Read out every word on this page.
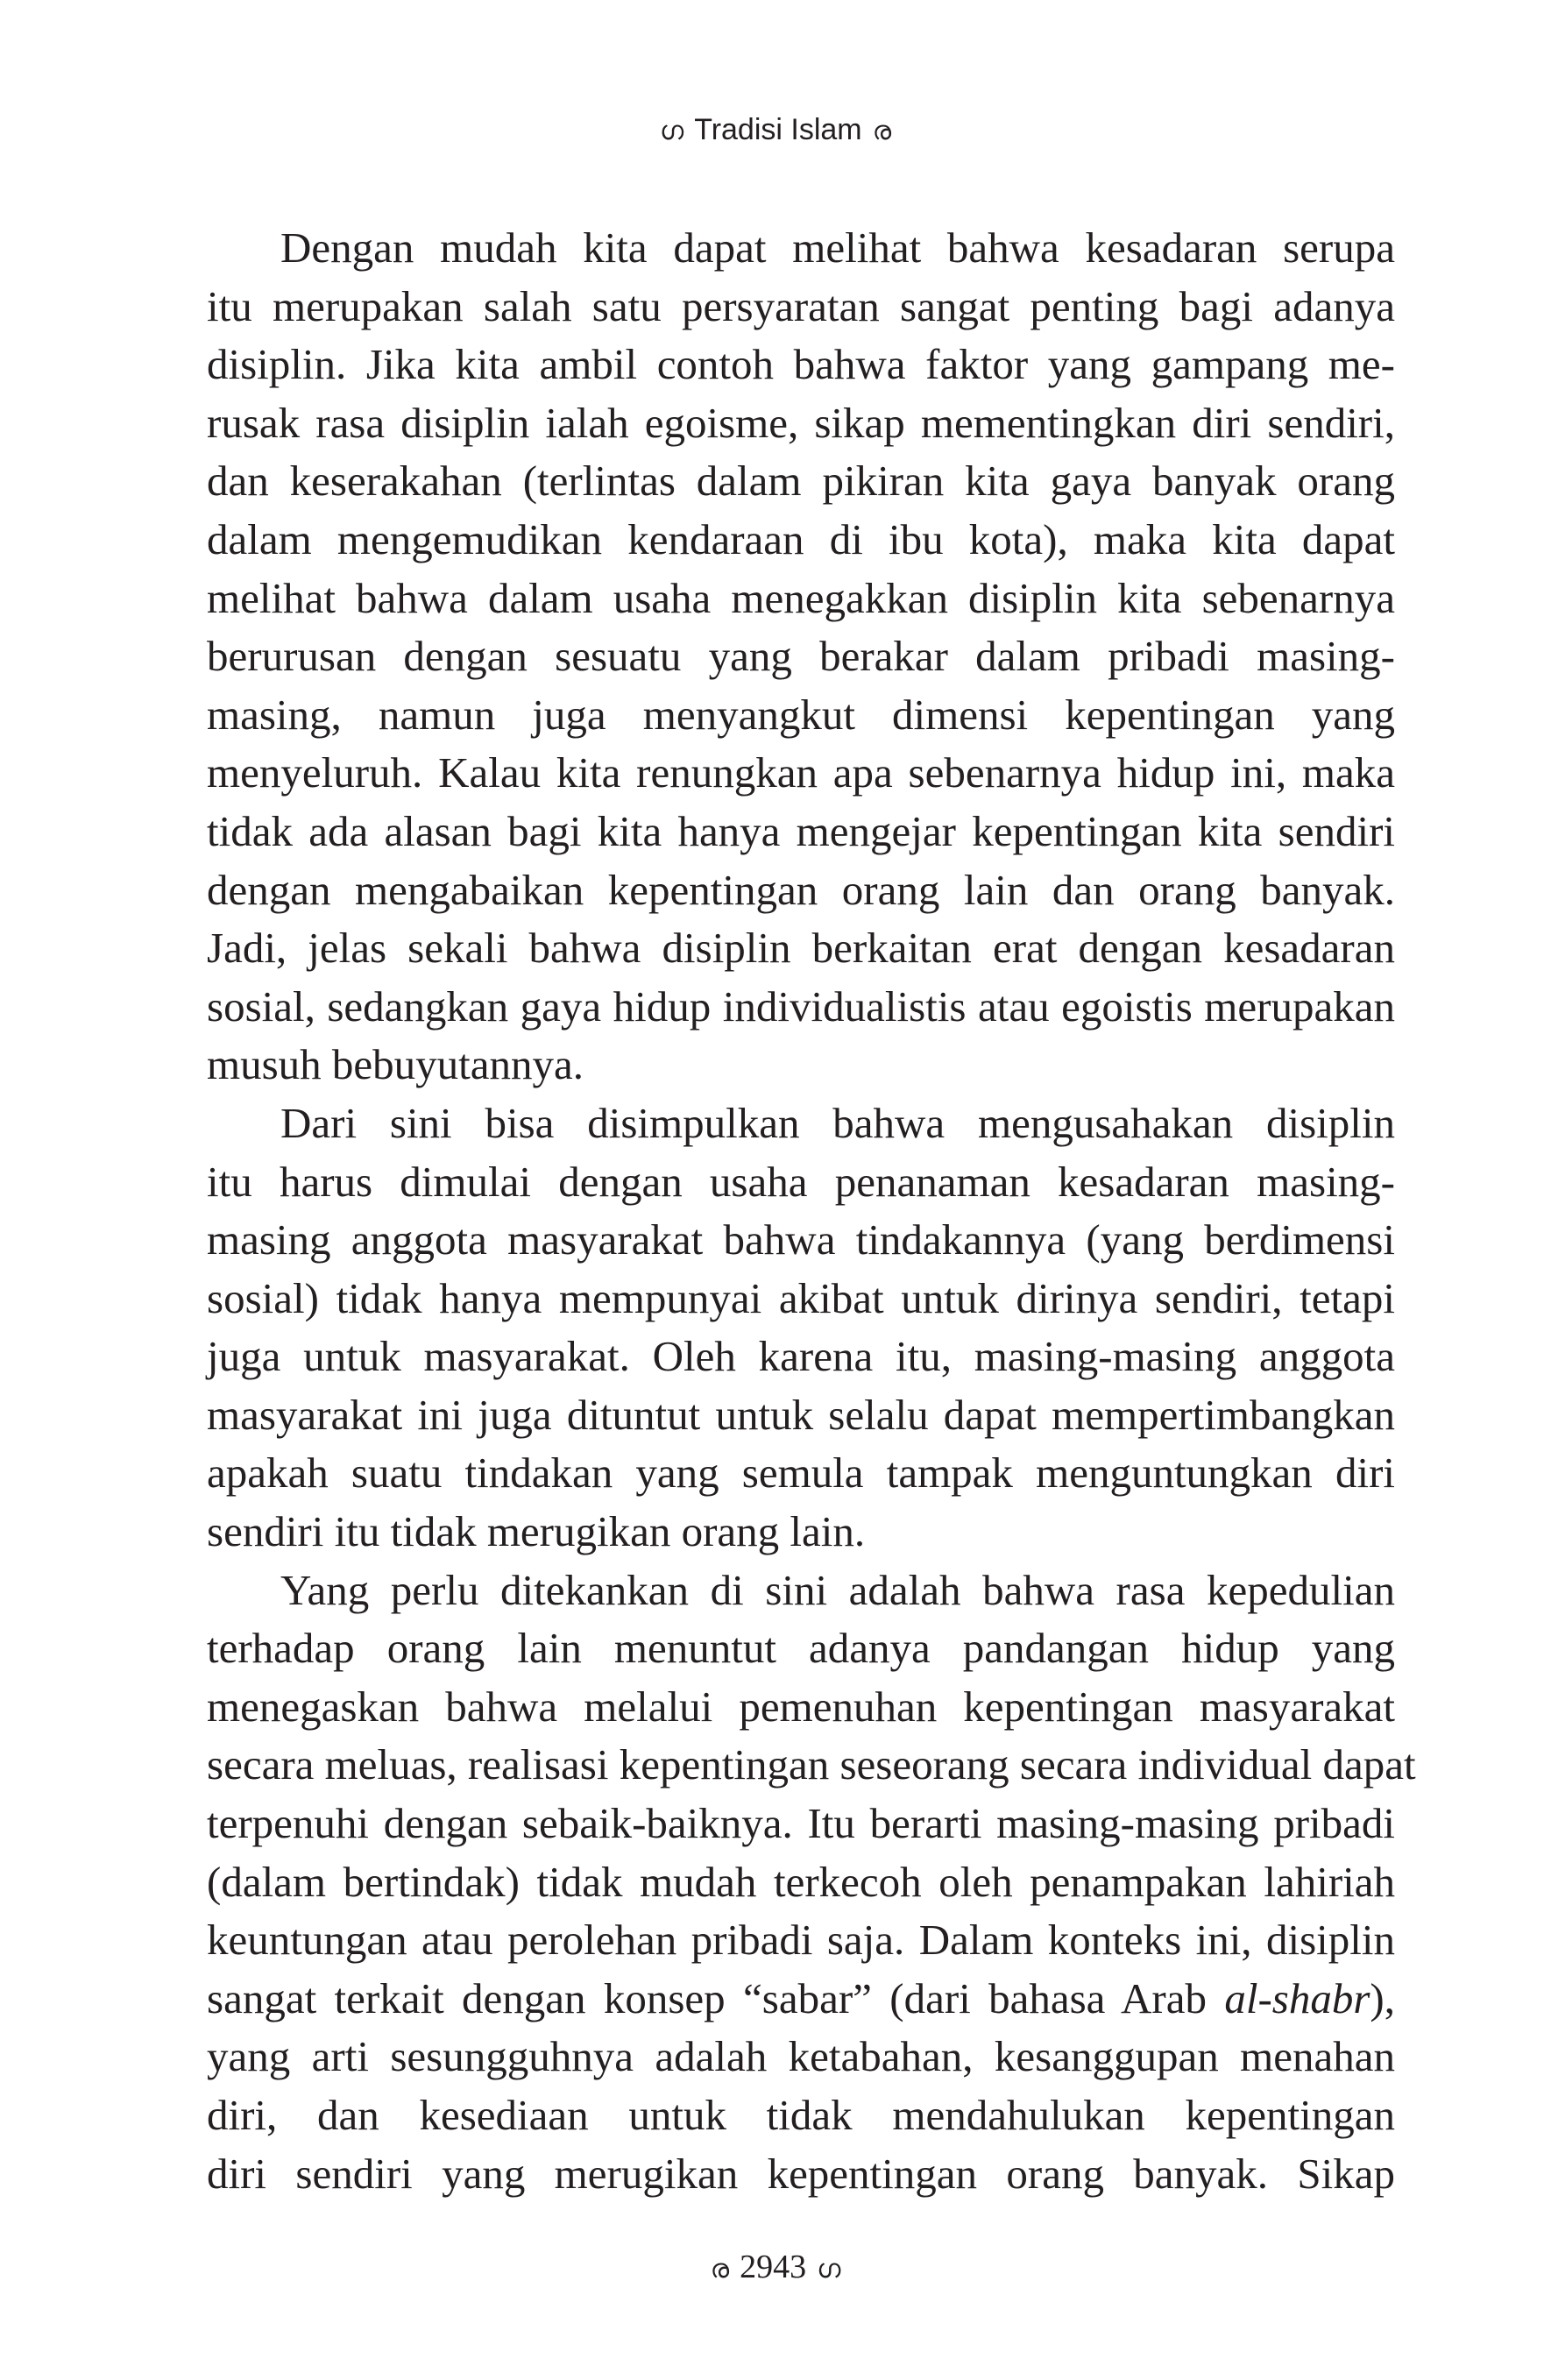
ഗ Tradisi Islam ര
Dengan mudah kita dapat melihat bahwa kesadaran serupa
itu merupakan salah satu persyaratan sangat penting bagi adanya
disiplin. Jika kita ambil contoh bahwa faktor yang gampang me-
rusak rasa disiplin ialah egoisme, sikap mementingkan diri sendiri,
dan keserakahan (terlintas dalam pikiran kita gaya banyak orang
dalam mengemudikan kendaraan di ibu kota), maka kita dapat
melihat bahwa dalam usaha menegakkan disiplin kita sebenarnya
berurusan dengan sesuatu yang berakar dalam pribadi masing-
masing, namun juga menyangkut dimensi kepentingan yang
menyeluruh. Kalau kita renungkan apa sebenarnya hidup ini, maka
tidak ada alasan bagi kita hanya mengejar kepentingan kita sendiri
dengan mengabaikan kepentingan orang lain dan orang banyak.
Jadi, jelas sekali bahwa disiplin berkaitan erat dengan kesadaran
sosial, sedangkan gaya hidup individualistis atau egoistis merupakan
musuh bebuyutannya.
Dari sini bisa disimpulkan bahwa mengusahakan disiplin
itu harus dimulai dengan usaha penanaman kesadaran masing-
masing anggota masyarakat bahwa tindakannya (yang berdimensi
sosial) tidak hanya mempunyai akibat untuk dirinya sendiri, tetapi
juga untuk masyarakat. Oleh karena itu, masing-masing anggota
masyarakat ini juga dituntut untuk selalu dapat mempertimbangkan
apakah suatu tindakan yang semula tampak menguntungkan diri
sendiri itu tidak merugikan orang lain.
Yang perlu ditekankan di sini adalah bahwa rasa kepedulian
terhadap orang lain menuntut adanya pandangan hidup yang
menegaskan bahwa melalui pemenuhan kepentingan masyarakat
secara meluas, realisasi kepentingan seseorang secara individual dapat
terpenuhi dengan sebaik-baiknya. Itu berarti masing-masing pribadi
(dalam bertindak) tidak mudah terkecoh oleh penampakan lahiriah
keuntungan atau perolehan pribadi saja. Dalam konteks ini, disiplin
sangat terkait dengan konsep “sabar” (dari bahasa Arab al-shabr),
yang arti sesungguhnya adalah ketabahan, kesanggupan menahan
diri, dan kesediaan untuk tidak mendahulukan kepentingan
diri sendiri yang merugikan kepentingan orang banyak. Sikap
ര 2943 ഗ
